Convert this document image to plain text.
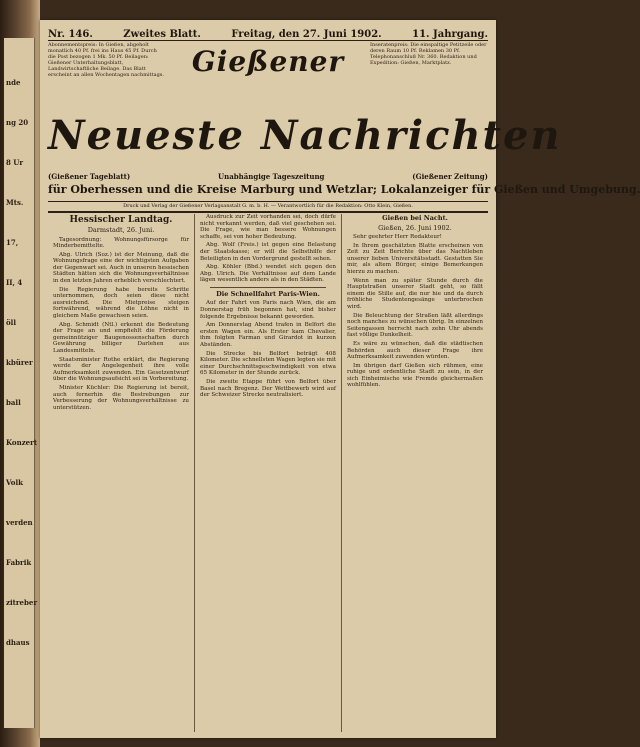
nde
ng 20
8 Ur
Mts.
17,
II, 4
öll
kbürer
ball
Konzert
Volk
verden
Fabrik
zitreber
dhaus
Nr. 146.	Zweites Blatt.	Freitag, den 27. Juni 1902.	11. Jahrgang.
Abonnementspreis: In Gießen, abgeholt monatlich 40 Pf. frei ins Haus 45 Pf. Durch die Post bezogen 1 Mk. 50 Pf. Beilagen: Gießener Unterhaltungsblatt, Landwirtschaftliche Beilage. Das Blatt erscheint an allen Wochentagen nachmittags.
Inseratenpreis: Die einspaltige Petitzeile oder deren Raum 10 Pf. Reklamen 30 Pf. Telephonanschluß Nr. 360. Redaktion und Expedition: Gießen, Marktplatz.
Gießener
Neueste Nachrichten
(Gießener Tageblatt)	Unabhängige Tageszeitung	(Gießener Zeitung)
für Oberhessen und die Kreise Marburg und Wetzlar; Lokalanzeiger für Gießen und Umgebung.
Druck und Verlag der Gießener Verlagsanstalt G. m. b. H. — Verantwortlich für die Redaktion: Otto Klein, Gießen.
Hessischer Landtag.
Darmstadt, 26. Juni.

Tagesordnung: Wohnungsfürsorge für Minderbemittelte.

Abg. Ulrich (Soz.) ist der Meinung, daß die Wohnungsfrage eine der wichtigsten Aufgaben der Gegenwart sei. Auch in unseren hessischen Städten hätten sich die Wohnungsverhältnisse in den letzten Jahren erheblich verschlechtert.

Die Regierung habe bereits Schritte unternommen, doch seien diese nicht ausreichend. Die Mietpreise steigen fortwährend, während die Löhne nicht in gleichem Maße gewachsen seien.

Abg. Schmidt (Ntl.) erkennt die Bedeutung der Frage an und empfiehlt die Förderung gemeinnütziger Baugenossenschaften durch Gewährung billiger Darlehen aus Landesmitteln.

Staatsminister Rothe erklärt, die Regierung werde der Angelegenheit ihre volle Aufmerksamkeit zuwenden. Ein Gesetzentwurf über die Wohnungsaufsicht sei in Vorbereitung.

Minister Küchler: Die Regierung ist bereit, auch fernerhin die Bestrebungen zur Verbesserung der Wohnungsverhältnisse zu unterstützen.

Ausdruck zur Zeit vorhanden sei, doch dürfe nicht verkannt werden, daß viel geschehen sei. Die Frage, wie man bessere Wohnungen schaffe, sei von hoher Bedeutung.

Abg. Wolf (Freis.) ist gegen eine Belastung der Staatskasse; er will die Selbsthilfe der Beteiligten in den Vordergrund gestellt sehen.

Abg. Köhler (Bbd.) wendet sich gegen den Abg. Ulrich. Die Verhältnisse auf dem Lande lägen wesentlich anders als in den Städten.

Die Schnellfahrt Paris-Wien.

Auf der Fahrt von Paris nach Wien, die am Donnerstag früh begonnen hat, sind bisher folgende Ergebnisse bekannt geworden.

Am Donnerstag Abend trafen in Belfort die ersten Wagen ein. Als Erster kam Chevalier, ihm folgten Farman und Girardot in kurzen Abständen.

Die Strecke bis Belfort beträgt 408 Kilometer. Die schnellsten Wagen legten sie mit einer Durchschnittsgeschwindigkeit von etwa 65 Kilometer in der Stunde zurück.

Die zweite Etappe führt von Belfort über Basel nach Bregenz. Der Wettbewerb wird auf der Schweizer Strecke neutralisiert.

Gießen bei Nacht.
Gießen, 26. Juni 1902.

Sehr geehrter Herr Redakteur!

In Ihrem geschätzten Blatte erscheinen von Zeit zu Zeit Berichte über das Nachtleben unserer lieben Universitätsstadt. Gestatten Sie mir, als altem Bürger, einige Bemerkungen hierzu zu machen.

Wenn man zu später Stunde durch die Hauptstraßen unserer Stadt geht, so fällt einem die Stille auf, die nur hie und da durch fröhliche Studentengesänge unterbrochen wird.

Die Beleuchtung der Straßen läßt allerdings noch manches zu wünschen übrig. In einzelnen Seitengassen herrscht nach zehn Uhr abends fast völlige Dunkelheit.

Es wäre zu wünschen, daß die städtischen Behörden auch dieser Frage ihre Aufmerksamkeit zuwenden würden.

Im übrigen darf Gießen sich rühmen, eine ruhige und ordentliche Stadt zu sein, in der sich Einheimische wie Fremde gleichermaßen wohlfühlen.
